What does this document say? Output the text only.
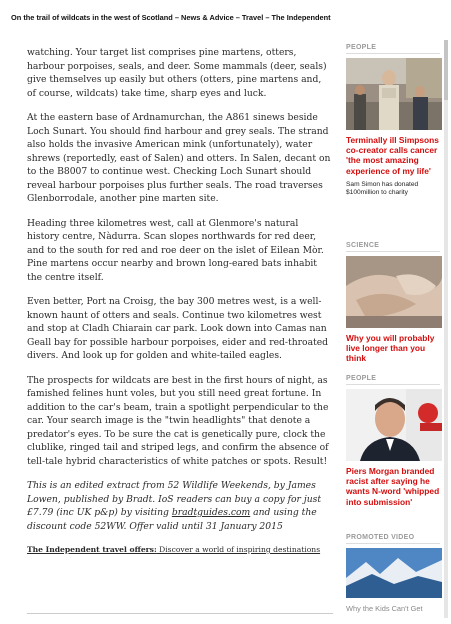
On the trail of wildcats in the west of Scotland – News & Advice – Travel – The Independent

watching. Your target list comprises pine martens, otters, harbour porpoises, seals, and deer. Some mammals (deer, seals) give themselves up easily but others (otters, pine martens and, of course, wildcats) take time, sharp eyes and luck.

At the eastern base of Ardnamurchan, the A861 sinews beside Loch Sunart. You should find harbour and grey seals. The strand also holds the invasive American mink (unfortunately), water shrews (reportedly, east of Salen) and otters. In Salen, decant on to the B8007 to continue west. Checking Loch Sunart should reveal harbour porpoises plus further seals. The road traverses Glenborrodale, another pine marten site.

Heading three kilometres west, call at Glenmore's natural history centre, Nàdurra. Scan slopes northwards for red deer, and to the south for red and roe deer on the islet of Eilean Mòr. Pine martens occur nearby and brown long-eared bats inhabit the centre itself.

Even better, Port na Croisg, the bay 300 metres west, is a well-known haunt of otters and seals. Continue two kilometres west and stop at Cladh Chiarain car park. Look down into Camas nan Geall bay for possible harbour porpoises, eider and red-throated divers. And look up for golden and white-tailed eagles.

The prospects for wildcats are best in the first hours of night, as famished felines hunt voles, but you still need great fortune. In addition to the car's beam, train a spotlight perpendicular to the car. Your search image is the "twin headlights" that denote a predator's eyes. To be sure the cat is genetically pure, clock the clublike, ringed tail and striped legs, and confirm the absence of tell-tale hybrid characteristics of white patches or spots. Result!

This is an edited extract from 52 Wildlife Weekends, by James Lowen, published by Bradt. IoS readers can buy a copy for just £7.79 (inc UK p&p) by visiting bradtguides.com and using the discount code 52WW. Offer valid until 31 January 2015

The Independent travel offers: Discover a world of inspiring destinations

PEOPLE
Terminally ill Simpsons co-creator calls cancer 'the most amazing experience of my life'
Sam Simon has donated $100million to charity
SCIENCE
Why you will probably live longer than you think
PEOPLE
Piers Morgan branded racist after saying he wants N-word 'whipped into submission'
PROMOTED VIDEO
Why the Kids Can't Get
